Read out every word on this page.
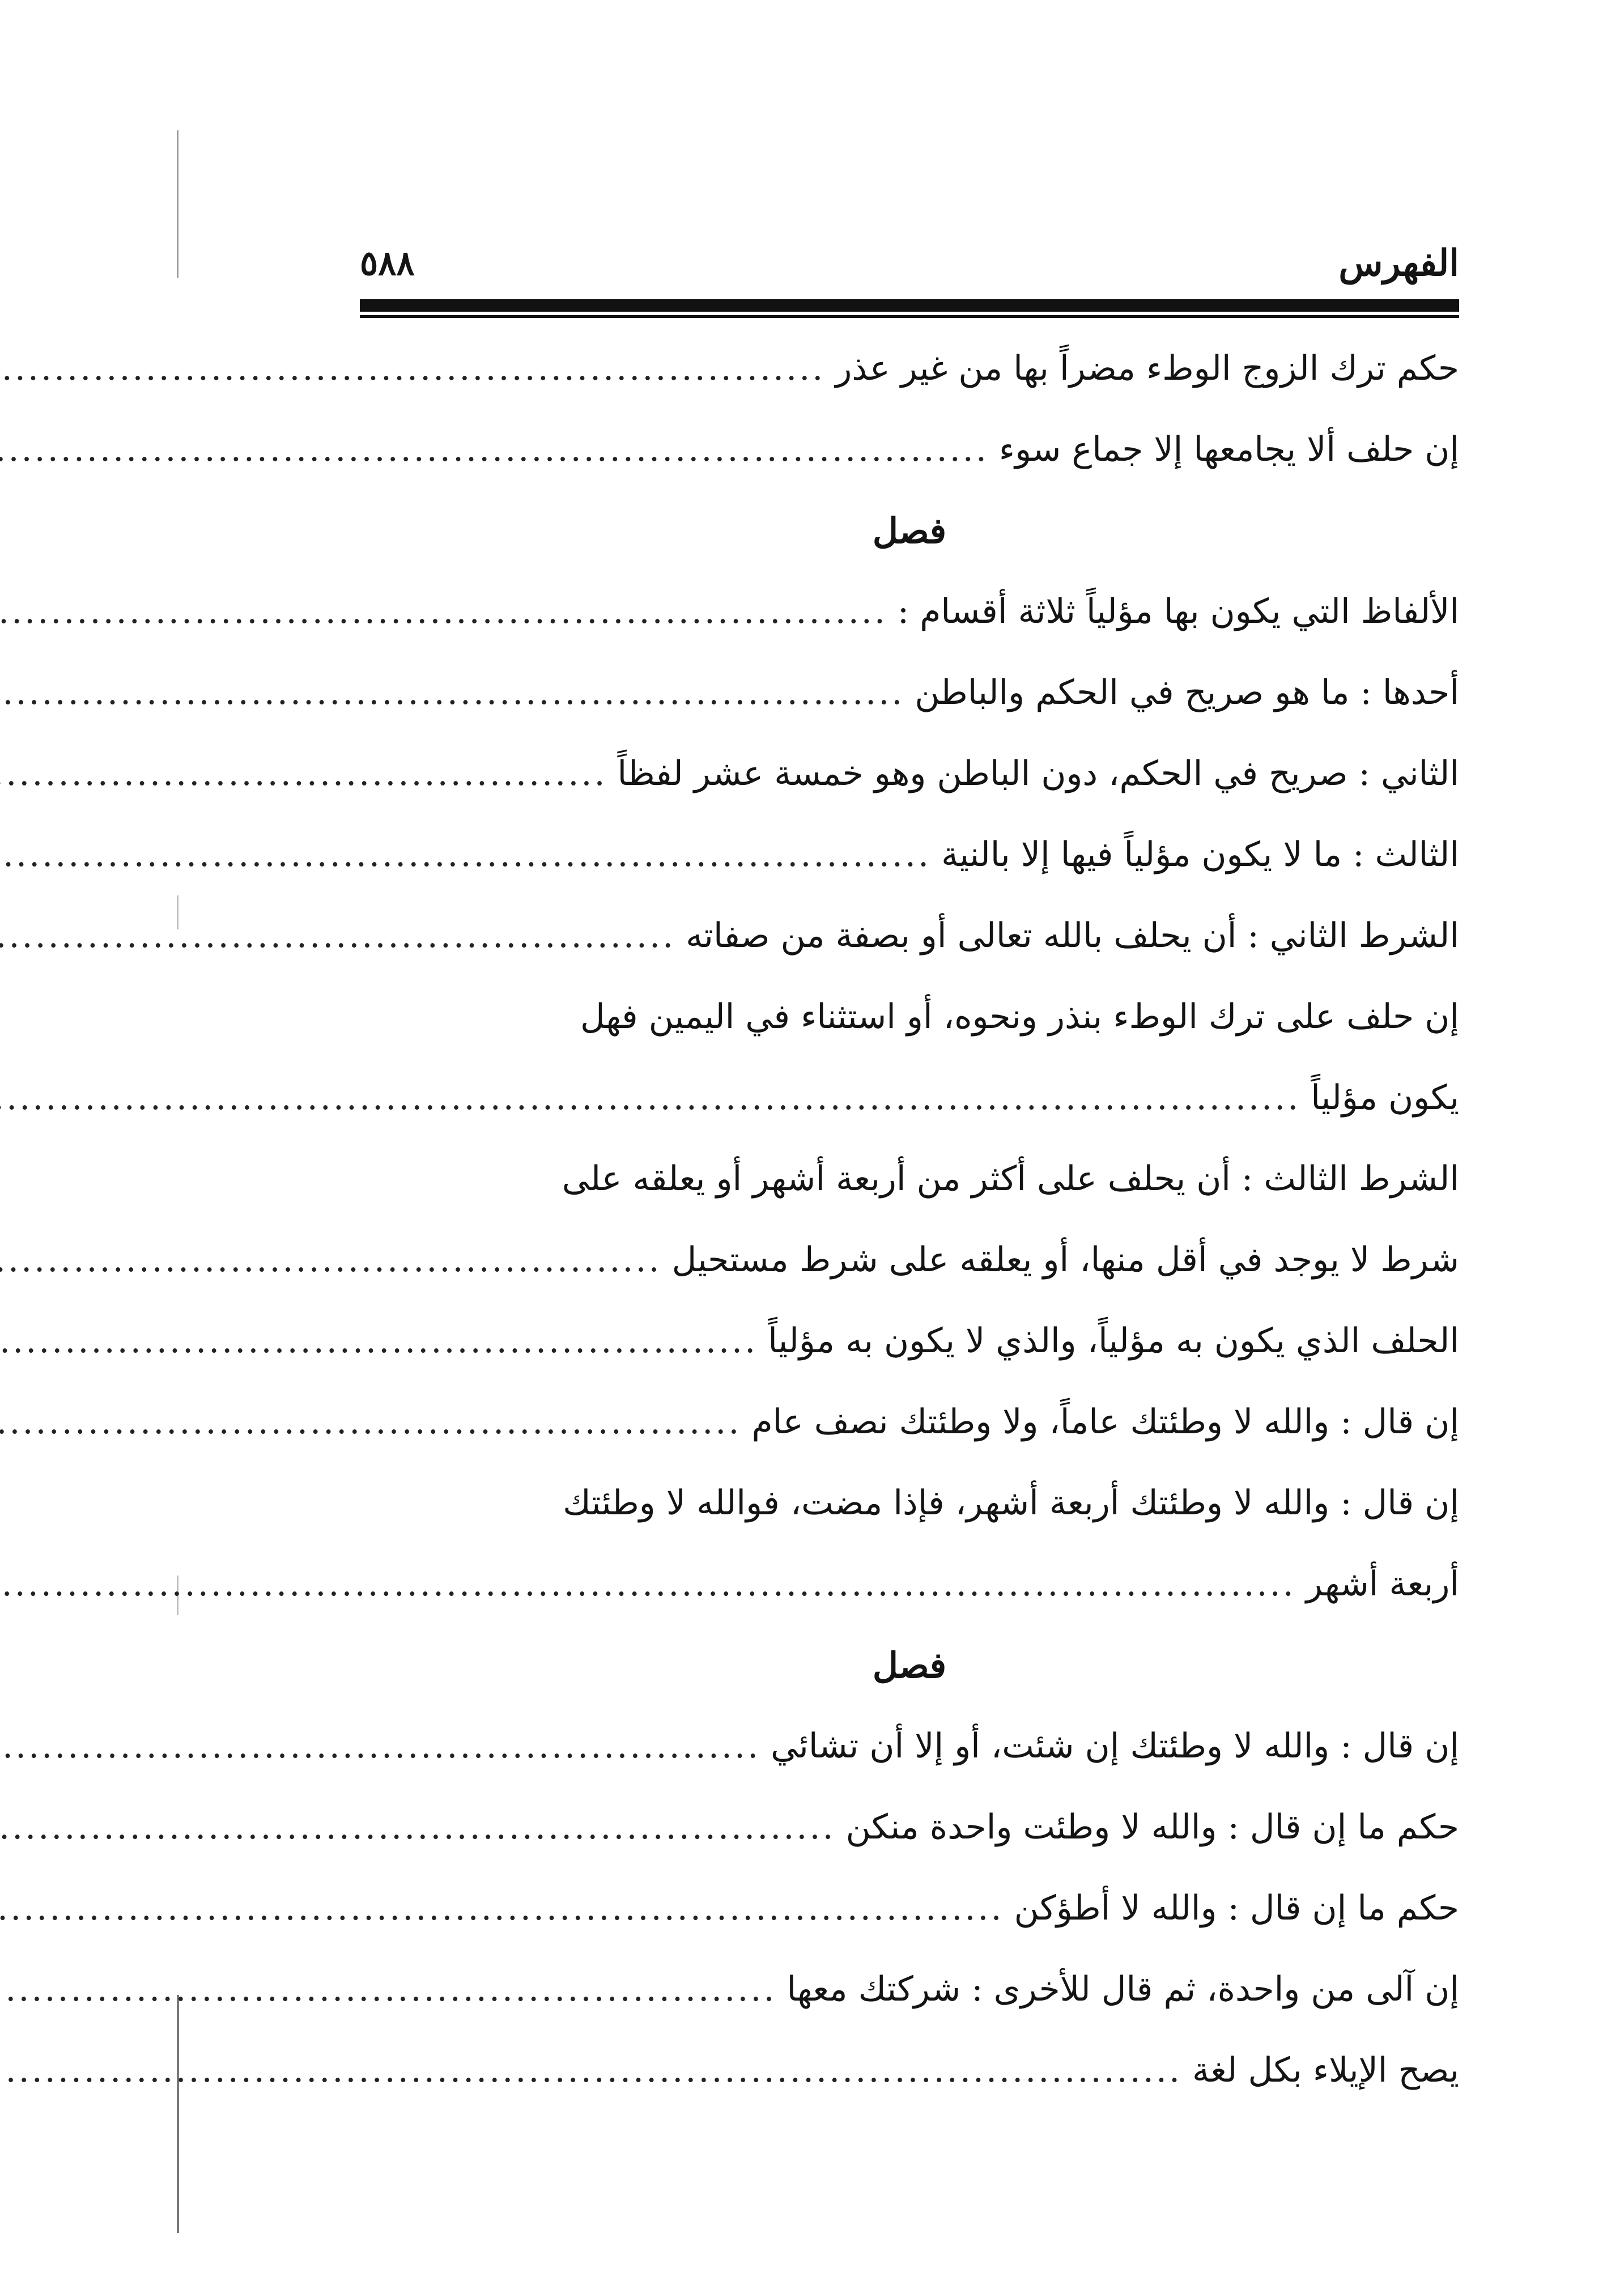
الفهرس
٥٨٨
حكم ترك الزوج الوطء مضراً بها من غير عذر
.....
إن حلف ألا يجامعها إلا جماع سوء
.....
فصل
الألفاظ التي يكون بها مؤلياً ثلاثة أقسام :
.....
أحدها : ما هو صريح في الحكم والباطن
.....
الثاني : صريح في الحكم، دون الباطن وهو خمسة عشر لفظاً
.....
الثالث : ما لا يكون مؤلياً فيها إلا بالنية
.....
الشرط الثاني : أن يحلف بالله تعالى أو بصفة من صفاته
.....
إن حلف على ترك الوطء بنذر ونحوه، أو استثناء في اليمين فهل
يكون مؤلياً
.....
الشرط الثالث : أن يحلف على أكثر من أربعة أشهر أو يعلقه على
شرط لا يوجد في أقل منها، أو يعلقه على شرط مستحيل
.....
الحلف الذي يكون به مؤلياً، والذي لا يكون به مؤلياً
.....
إن قال : والله لا وطئتك عاماً، ولا وطئتك نصف عام
.....
إن قال : والله لا وطئتك أربعة أشهر، فإذا مضت، فوالله لا وطئتك
أربعة أشهر
.....
فصل
إن قال : والله لا وطئتك إن شئت، أو إلا أن تشائي
.....
حكم ما إن قال : والله لا وطئت واحدة منكن
.....
حكم ما إن قال : والله لا أطؤكن
.....
إن آلى من واحدة، ثم قال للأخرى : شركتك معها
.....
يصح الإيلاء بكل لغة
.....
